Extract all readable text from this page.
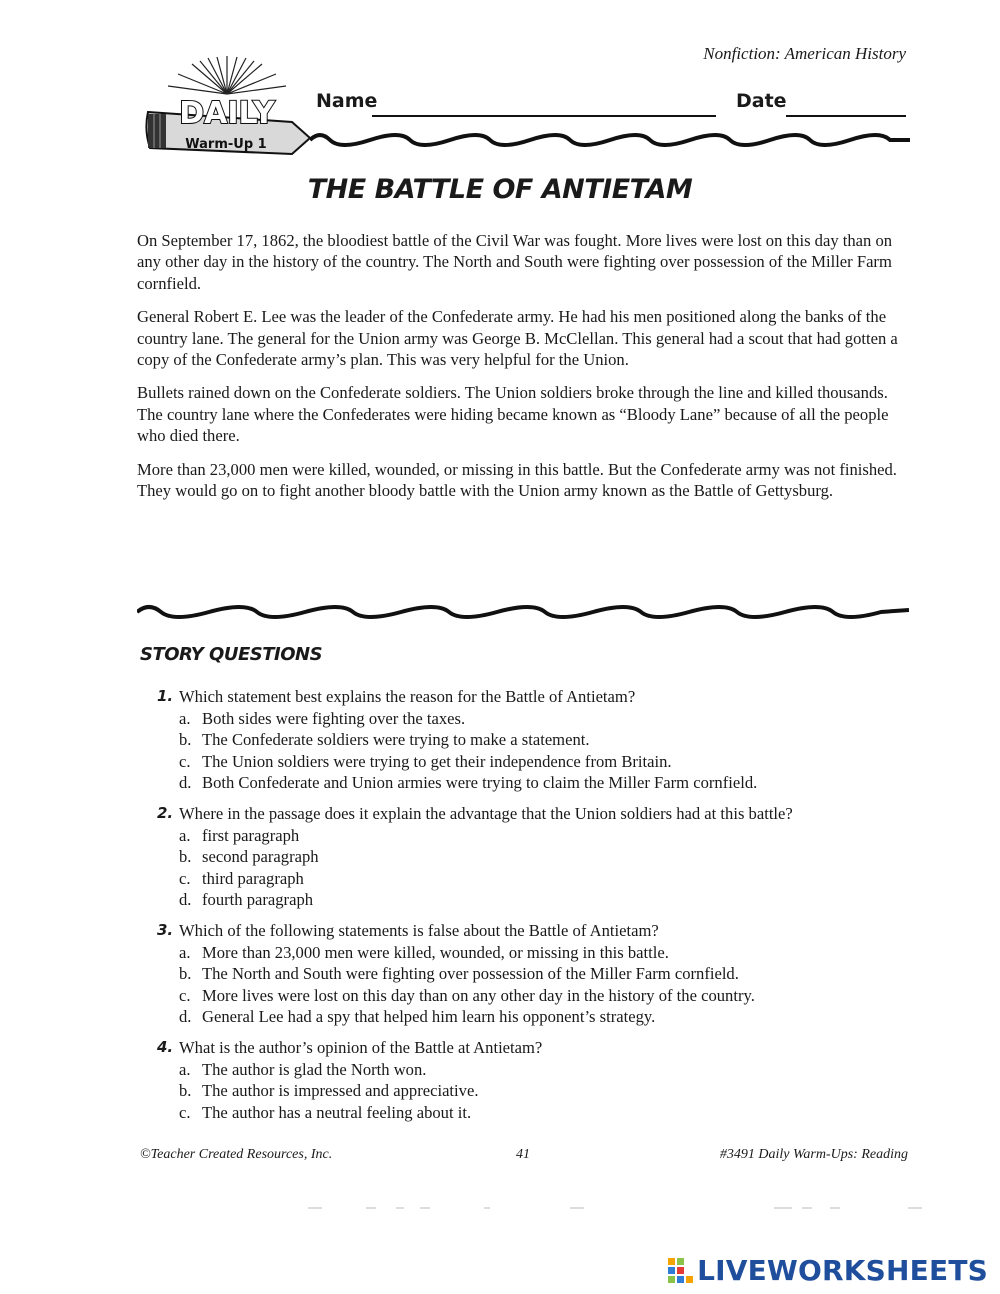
Nonfiction: American History
DAILY
Warm-Up 1
Name	Date
THE BATTLE OF ANTIETAM

On September 17, 1862, the bloodiest battle of the Civil War was fought. More lives were lost on this day than on any other day in the history of the country. The North and South were fighting over possession of the Miller Farm cornfield.

General Robert E. Lee was the leader of the Confederate army. He had his men positioned along the banks of the country lane. The general for the Union army was George B. McClellan. This general had a scout that had gotten a copy of the Confederate army’s plan. This was very helpful for the Union.

Bullets rained down on the Confederate soldiers. The Union soldiers broke through the line and killed thousands. The country lane where the Confederates were hiding became known as “Bloody Lane” because of all the people who died there.

More than 23,000 men were killed, wounded, or missing in this battle. But the Confederate army was not finished. They would go on to fight another bloody battle with the Union army known as the Battle of Gettysburg.

STORY QUESTIONS
1. Which statement best explains the reason for the Battle of Antietam?
a. Both sides were fighting over the taxes.
b. The Confederate soldiers were trying to make a statement.
c. The Union soldiers were trying to get their independence from Britain.
d. Both Confederate and Union armies were trying to claim the Miller Farm cornfield.
2. Where in the passage does it explain the advantage that the Union soldiers had at this battle?
a. first paragraph
b. second paragraph
c. third paragraph
d. fourth paragraph
3. Which of the following statements is false about the Battle of Antietam?
a. More than 23,000 men were killed, wounded, or missing in this battle.
b. The North and South were fighting over possession of the Miller Farm cornfield.
c. More lives were lost on this day than on any other day in the history of the country.
d. General Lee had a spy that helped him learn his opponent’s strategy.
4. What is the author’s opinion of the Battle at Antietam?
a. The author is glad the North won.
b. The author is impressed and appreciative.
c. The author has a neutral feeling about it.
©Teacher Created Resources, Inc.	41	#3491 Daily Warm-Ups: Reading
LIVEWORKSHEETS
